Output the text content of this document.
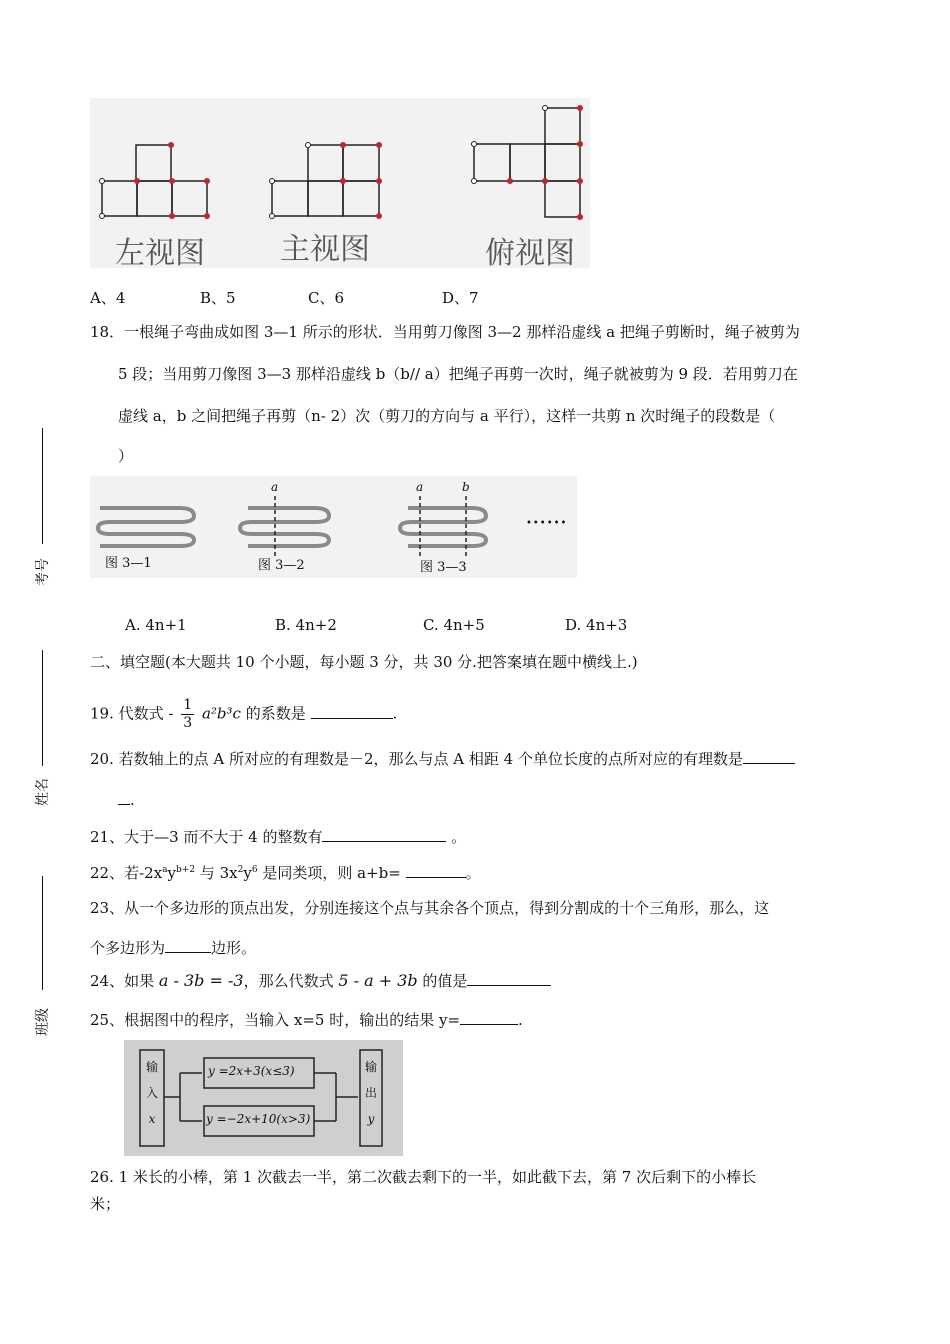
左视图	主视图	俯视图
A、4	B、5	C、6	D、7
18．一根绳子弯曲成如图 3—1 所示的形状．当用剪刀像图 3—2 那样沿虚线 a 把绳子剪断时，绳子被剪为
5 段；当用剪刀像图 3—3 那样沿虚线 b（b// a）把绳子再剪一次时，绳子就被剪为 9 段．若用剪刀在
虚线 a，b 之间把绳子再剪（n- 2）次（剪刀的方向与 a 平行），这样一共剪 n 次时绳子的段数是（
）
a	a	b
图 3—1	图 3—2	图 3—3
••••••
A. 4n+1	B. 4n+2	C. 4n+5	D. 4n+3
二、填空题(本大题共 10 个小题，每小题 3 分，共 30 分.把答案填在题中横线上.)
19. 代数式 - $\frac{1}{3} a^2b^3c$ 的系数是	.
20. 若数轴上的点 A 所对应的有理数是－2，那么与点 A 相距 4 个单位长度的点所对应的有理数是
.
21、大于—3 而不大于 4 的整数有	。
22、若$-2x^ay^{b+2}$ 与 $3x^2y^6$ 是同类项，则 a+b=	。
23、从一个多边形的顶点出发，分别连接这个点与其余各个顶点，得到分割成的十个三角形，那么，这
个多边形为	边形。
24、如果 a - 3b = -3，那么代数式 5 - a + 3b 的值是
25、根据图中的程序，当输入 x=5 时，输出的结果 y=	.
输
入
x
y =2x+3(x≤3)
y =−2x+10(x>3)
输
出
y
26. 1 米长的小棒，第 1 次截去一半，第二次截去剩下的一半，如此截下去，第 7 次后剩下的小棒长
米；
考号
姓名
班级
